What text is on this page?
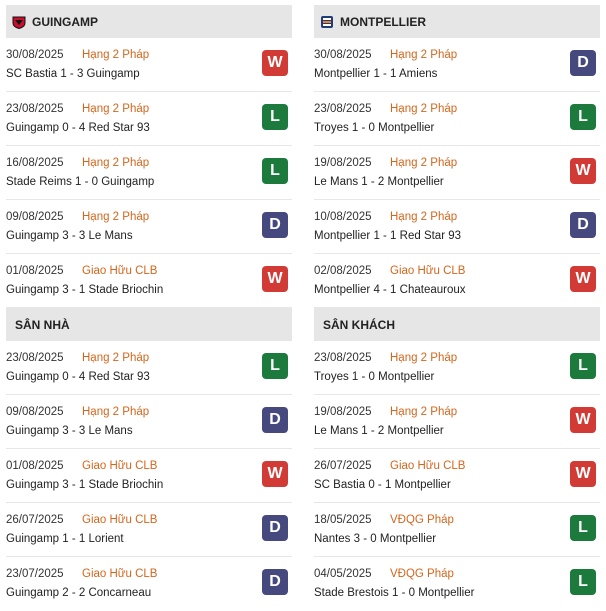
GUINGAMP
30/08/2025 Hạng 2 Pháp
SC Bastia 1 - 3 Guingamp
W
23/08/2025 Hạng 2 Pháp
Guingamp 0 - 4 Red Star 93
L
16/08/2025 Hạng 2 Pháp
Stade Reims 1 - 0 Guingamp
L
09/08/2025 Hạng 2 Pháp
Guingamp 3 - 3 Le Mans
D
01/08/2025 Giao Hữu CLB
Guingamp 3 - 1 Stade Briochin
W
SÂN NHÀ
23/08/2025 Hạng 2 Pháp
Guingamp 0 - 4 Red Star 93
L
09/08/2025 Hạng 2 Pháp
Guingamp 3 - 3 Le Mans
D
01/08/2025 Giao Hữu CLB
Guingamp 3 - 1 Stade Briochin
W
26/07/2025 Giao Hữu CLB
Guingamp 1 - 1 Lorient
D
23/07/2025 Giao Hữu CLB
Guingamp 2 - 2 Concarneau
D
MONTPELLIER
30/08/2025 Hạng 2 Pháp
Montpellier 1 - 1 Amiens
D
23/08/2025 Hạng 2 Pháp
Troyes 1 - 0 Montpellier
L
19/08/2025 Hạng 2 Pháp
Le Mans 1 - 2 Montpellier
W
10/08/2025 Hạng 2 Pháp
Montpellier 1 - 1 Red Star 93
D
02/08/2025 Giao Hữu CLB
Montpellier 4 - 1 Chateauroux
W
SÂN KHÁCH
23/08/2025 Hạng 2 Pháp
Troyes 1 - 0 Montpellier
L
19/08/2025 Hạng 2 Pháp
Le Mans 1 - 2 Montpellier
W
26/07/2025 Giao Hữu CLB
SC Bastia 0 - 1 Montpellier
W
18/05/2025 VĐQG Pháp
Nantes 3 - 0 Montpellier
L
04/05/2025 VĐQG Pháp
Stade Brestois 1 - 0 Montpellier
L
